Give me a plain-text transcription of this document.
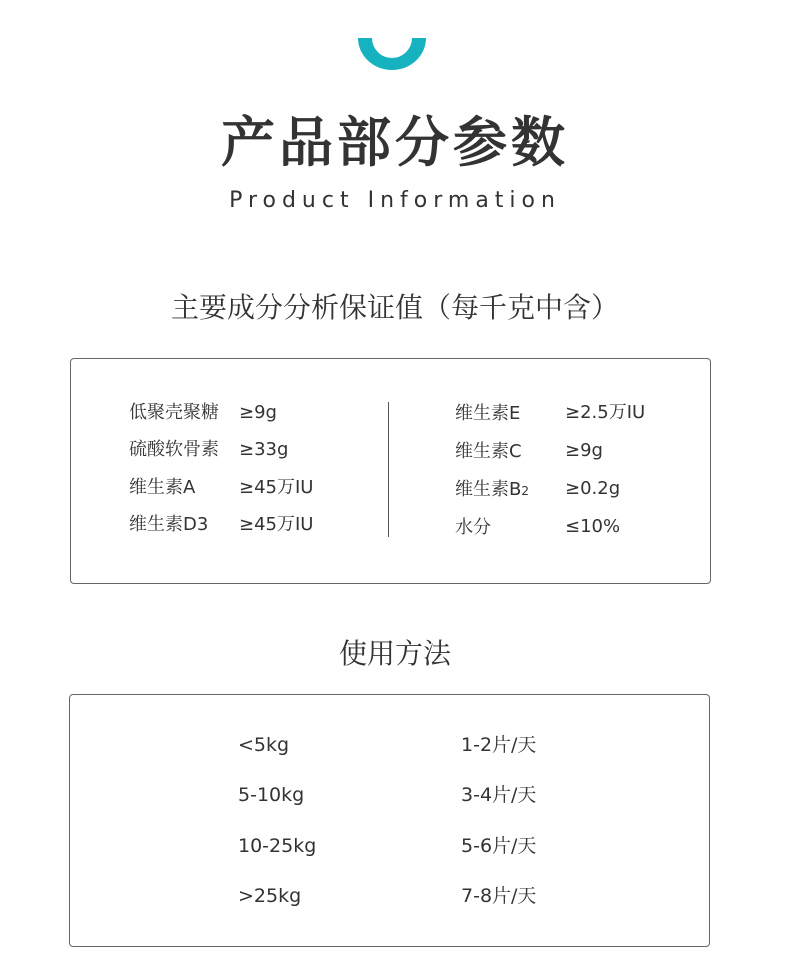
产品部分参数
Product Information
主要成分分析保证值（每千克中含）
低聚壳聚糖 ≥9g
硫酸软骨素 ≥33g
维生素A ≥45万IU
维生素D3 ≥45万IU
维生素E ≥2.5万IU
维生素C ≥9g
维生素B2 ≥0.2g
水分	≤10%
使用方法
<5kg	1-2片/天
5-10kg	3-4片/天
10-25kg	5-6片/天
>25kg	7-8片/天
